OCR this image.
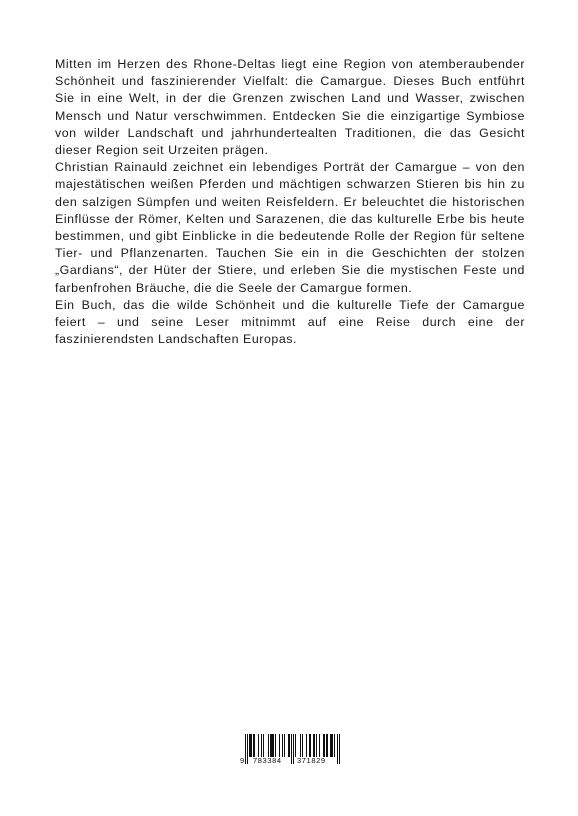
Mitten im Herzen des Rhone-Deltas liegt eine Region von atemberaubender Schönheit und faszinierender Vielfalt: die Camargue. Dieses Buch entführt Sie in eine Welt, in der die Grenzen zwischen Land und Wasser, zwischen Mensch und Natur verschwimmen. Entdecken Sie die einzigartige Symbiose von wilder Landschaft und jahrhundertealten Traditionen, die das Gesicht dieser Region seit Urzeiten prägen.

Christian Rainauld zeichnet ein lebendiges Porträt der Camargue – von den majestätischen weißen Pferden und mächtigen schwarzen Stieren bis hin zu den salzigen Sümpfen und weiten Reisfeldern. Er beleuchtet die historischen Einflüsse der Römer, Kelten und Sarazenen, die das kulturelle Erbe bis heute bestimmen, und gibt Einblicke in die bedeutende Rolle der Region für seltene Tier- und Pflanzenarten. Tauchen Sie ein in die Geschichten der stolzen „Gardians“, der Hüter der Stiere, und erleben Sie die mystischen Feste und farbenfrohen Bräuche, die die Seele der Camargue formen.

Ein Buch, das die wilde Schönheit und die kulturelle Tiefe der Camargue feiert – und seine Leser mitnimmt auf eine Reise durch eine der faszinierendsten Landschaften Europas.

9 783384 371829
